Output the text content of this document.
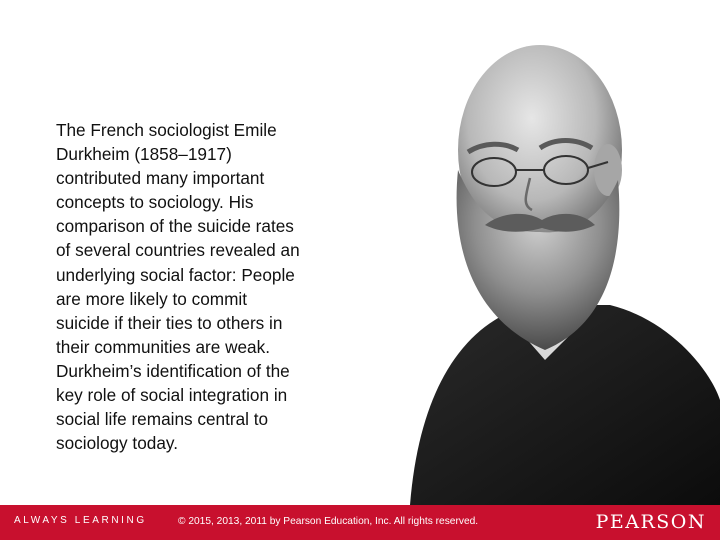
The French sociologist Emile
Durkheim (1858–1917)
contributed many important
concepts to sociology. His
comparison of the suicide rates
of several countries revealed an
underlying social factor: People
are more likely to commit
suicide if their ties to others in
their communities are weak.
Durkheim’s identification of the
key role of social integration in
social life remains central to
sociology today.

ALWAYS LEARNING	© 2015, 2013, 2011 by Pearson Education, Inc. All rights reserved.	PEARSON
